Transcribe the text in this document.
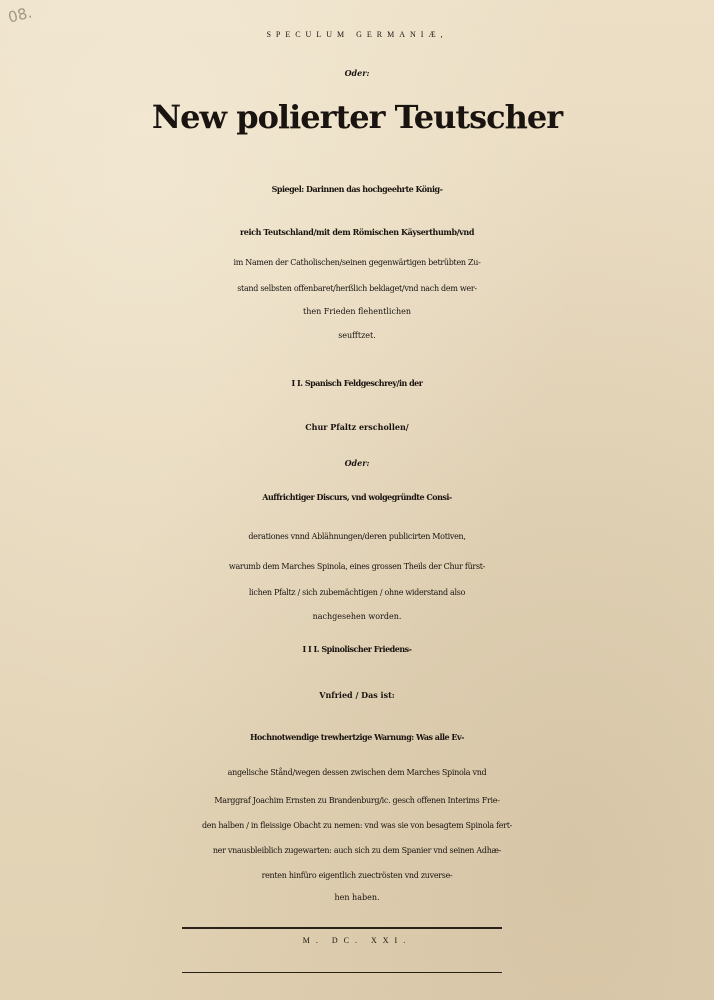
08.
SPECULUM GERMANIÆ,
Oder:
New polierter Teutscher
Spiegel: Darinnen das hochgeehrte König-
reich Teutschland/mit dem Römischen Käyserthumb/vnd
im Namen der Catholischen/seinen gegenwärtigen betrübten Zu-
stand selbsten offenbaret/herßlich beklaget/vnd nach dem wer-
then Frieden flehentlichen
seufftzet.
I I. Spanisch Feldgeschrey/in der
Chur Pfaltz erschollen/
Oder:
Auffrichtiger Discurs, vnd wolgegründte Consi-
derationes vnnd Ablähnungen/deren publicirten Motiven,
warumb dem Marches Spinola, eines grossen Theils der Chur fürst-
lichen Pfaltz / sich zubemächtigen / ohne widerstand also
nachgesehen worden.
I I I. Spinolischer Friedens-
Vnfried / Das ist:
Hochnotwendige trewhertzige Warnung: Was alle Ev-
angelische Stånd/wegen dessen zwischen dem Marches Spinola vnd
Marggraf Joachim Ernsten zu Brandenburg/ic. gesch offenen Interims Frie-
den halben / in fleissige Obacht zu nemen: vnd was sie von besagtem Spinola fert-
ner vnausbleiblich zugewarten: auch sich zu dem Spanier vnd seinen Adhæ-
renten hinfüro eigentlich zuectrösten vnd zuverse-
hen haben.
M. DC. XXI.
